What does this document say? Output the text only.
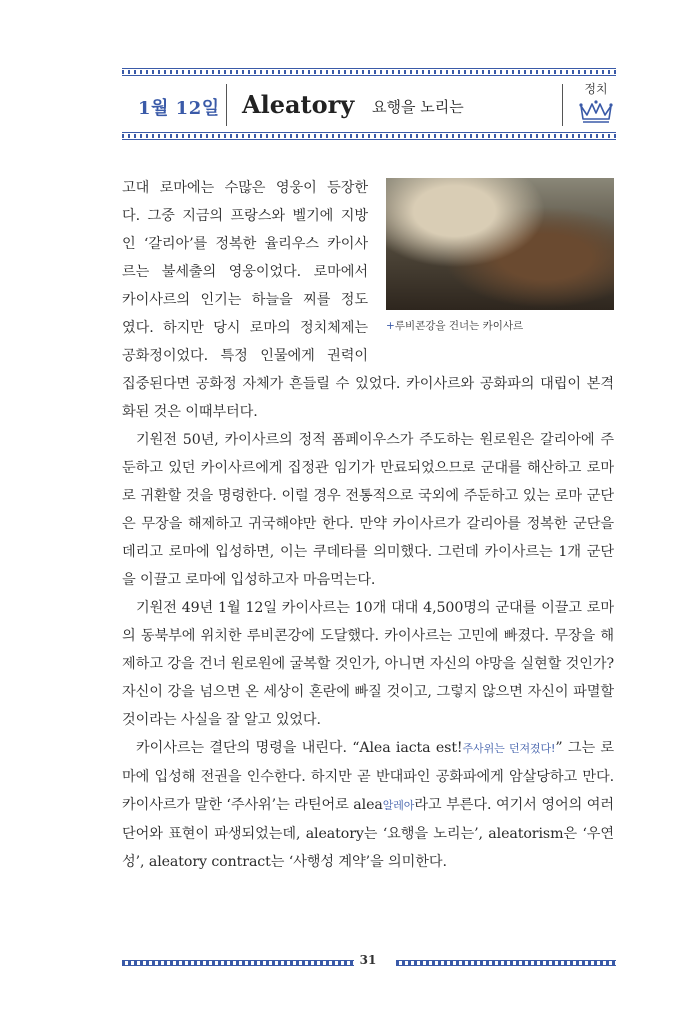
1월 12일 Aleatory 요행을 노리는
정치
+루비콘강을 건너는 카이사르
고대 로마에는 수많은 영웅이 등장한
다. 그중 지금의 프랑스와 벨기에 지방
인 ‘갈리아’를 정복한 율리우스 카이사
르는 불세출의 영웅이었다. 로마에서
카이사르의 인기는 하늘을 찌를 정도
였다. 하지만 당시 로마의 정치체제는
공화정이었다. 특정 인물에게 권력이

집중된다면 공화정 자체가 흔들릴 수 있었다. 카이사르와 공화파의 대립이 본격화된 것은 이때부터다.

기원전 50년, 카이사르의 정적 폼페이우스가 주도하는 원로원은 갈리아에 주둔하고 있던 카이사르에게 집정관 임기가 만료되었으므로 군대를 해산하고 로마로 귀환할 것을 명령한다. 이럴 경우 전통적으로 국외에 주둔하고 있는 로마 군단은 무장을 해제하고 귀국해야만 한다. 만약 카이사르가 갈리아를 정복한 군단을 데리고 로마에 입성하면, 이는 쿠데타를 의미했다. 그런데 카이사르는 1개 군단을 이끌고 로마에 입성하고자 마음먹는다.

기원전 49년 1월 12일 카이사르는 10개 대대 4,500명의 군대를 이끌고 로마의 동북부에 위치한 루비콘강에 도달했다. 카이사르는 고민에 빠졌다. 무장을 해제하고 강을 건너 원로원에 굴복할 것인가, 아니면 자신의 야망을 실현할 것인가? 자신이 강을 넘으면 온 세상이 혼란에 빠질 것이고, 그렇지 않으면 자신이 파멸할 것이라는 사실을 잘 알고 있었다.

카이사르는 결단의 명령을 내린다. “Alea iacta est!주사위는 던져졌다!” 그는 로마에 입성해 전권을 인수한다. 하지만 곧 반대파인 공화파에게 암살당하고 만다. 카이사르가 말한 ‘주사위’는 라틴어로 alea알레아라고 부른다. 여기서 영어의 여러 단어와 표현이 파생되었는데, aleatory는 ‘요행을 노리는’, aleatorism은 ‘우연성’, aleatory contract는 ‘사행성 계약’을 의미한다.

31
